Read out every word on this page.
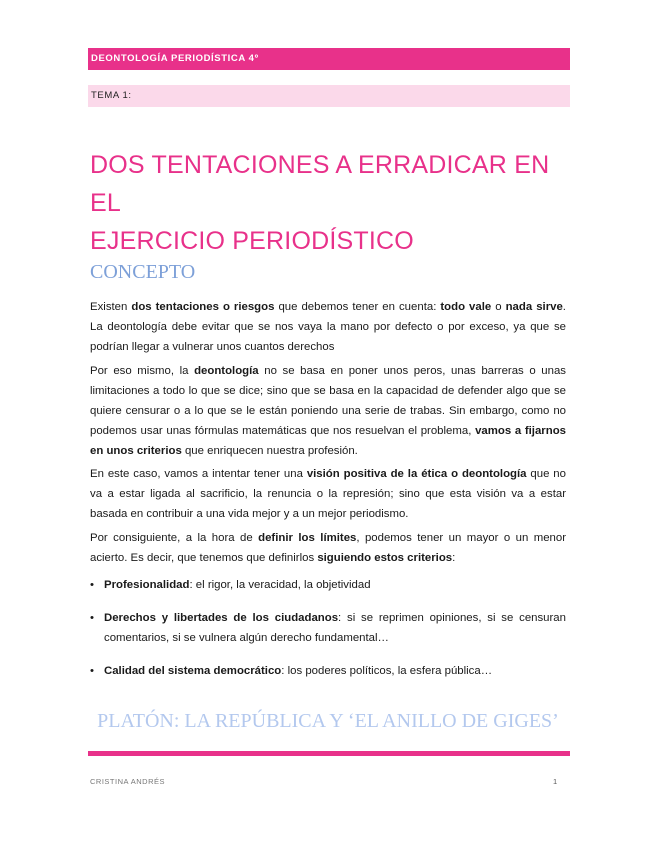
DEONTOLOGÍA PERIODÍSTICA 4º
TEMA 1:
DOS TENTACIONES A ERRADICAR EN EL
EJERCICIO PERIODÍSTICO
CONCEPTO
Existen dos tentaciones o riesgos que debemos tener en cuenta: todo vale o nada sirve. La deontología debe evitar que se nos vaya la mano por defecto o por exceso, ya que se podrían llegar a vulnerar unos cuantos derechos
Por eso mismo, la deontología no se basa en poner unos peros, unas barreras o unas limitaciones a todo lo que se dice; sino que se basa en la capacidad de defender algo que se quiere censurar o a lo que se le están poniendo una serie de trabas. Sin embargo, como no podemos usar unas fórmulas matemáticas que nos resuelvan el problema, vamos a fijarnos en unos criterios que enriquecen nuestra profesión.
En este caso, vamos a intentar tener una visión positiva de la ética o deontología que no va a estar ligada al sacrificio, la renuncia o la represión; sino que esta visión va a estar basada en contribuir a una vida mejor y a un mejor periodismo.
Por consiguiente, a la hora de definir los límites, podemos tener un mayor o un menor acierto. Es decir, que tenemos que definirlos siguiendo estos criterios:
• Profesionalidad: el rigor, la veracidad, la objetividad
• Derechos y libertades de los ciudadanos: si se reprimen opiniones, si se censuran comentarios, si se vulnera algún derecho fundamental…
• Calidad del sistema democrático: los poderes políticos, la esfera pública…
PLATÓN: LA REPÚBLICA Y ‘EL ANILLO DE GIGES’
CRISTINA ANDRÉS	1
